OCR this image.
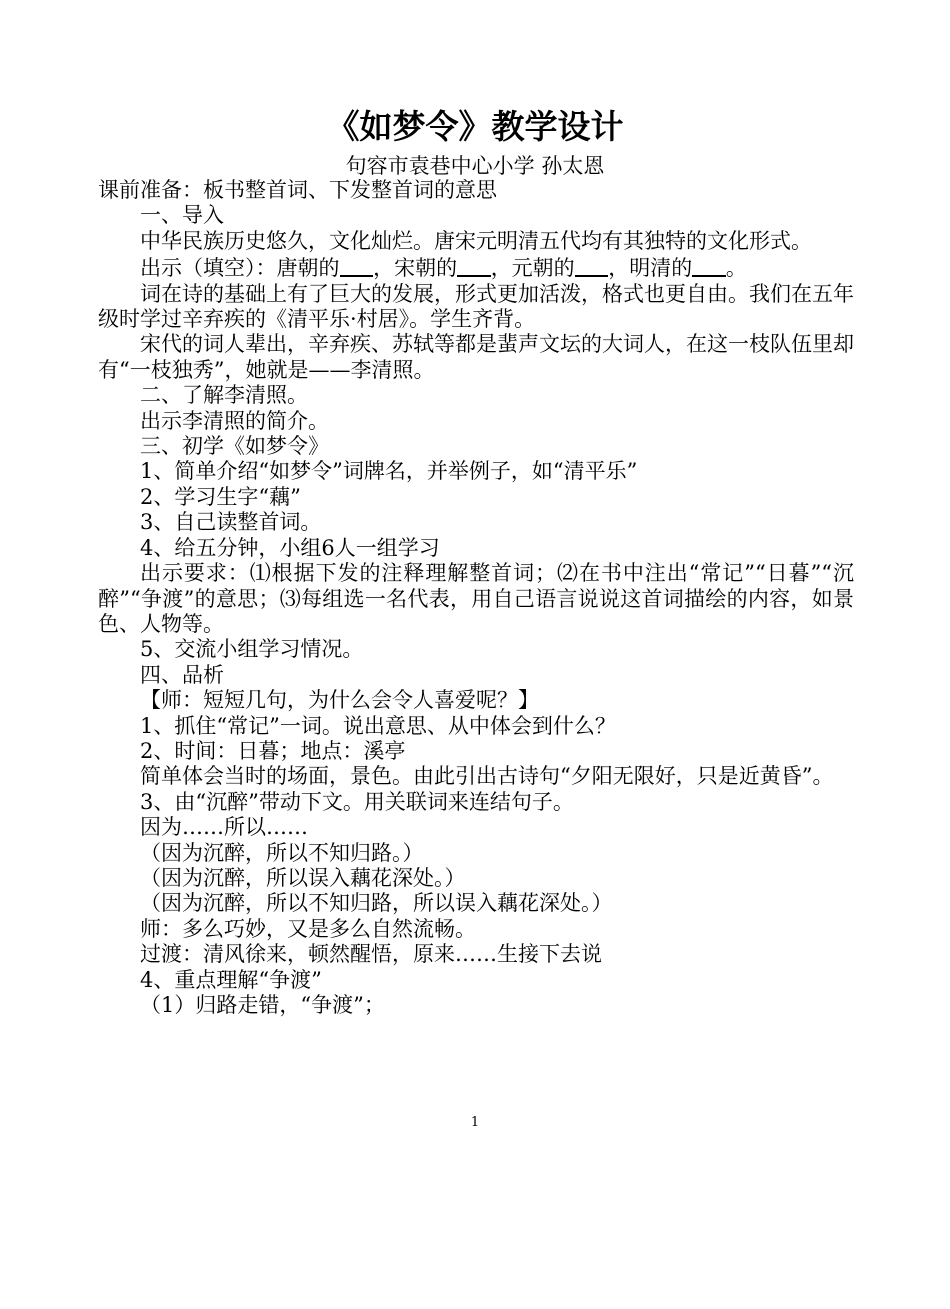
《如梦令》教学设计
句容市袁巷中心小学 孙太恩

课前准备：板书整首词、下发整首词的意思

一、导入

中华民族历史悠久，文化灿烂。唐宋元明清五代均有其独特的文化形式。

出示（填空）：唐朝的 ，宋朝的 ，元朝的 ，明清的 。

词在诗的基础上有了巨大的发展，形式更加活泼，格式也更自由。我们在五年级时学过辛弃疾的《清平乐·村居》。学生齐背。

宋代的词人辈出，辛弃疾、苏轼等都是蜚声文坛的大词人，在这一枝队伍里却有“一枝独秀”，她就是——李清照。

二、了解李清照。

出示李清照的简介。

三、初学《如梦令》

1、简单介绍“如梦令”词牌名，并举例子，如“清平乐”

2、学习生字“藕”

3、自己读整首词。

4、给五分钟，小组6人一组学习

出示要求：⑴根据下发的注释理解整首词；⑵在书中注出“常记”“日暮”“沉醉”“争渡”的意思；⑶每组选一名代表，用自己语言说说这首词描绘的内容，如景色、人物等。

5、交流小组学习情况。

四、品析

【师：短短几句，为什么会令人喜爱呢？】

1、抓住“常记”一词。说出意思、从中体会到什么？

2、时间：日暮；地点：溪亭

简单体会当时的场面，景色。由此引出古诗句“夕阳无限好，只是近黄昏”。

3、由“沉醉”带动下文。用关联词来连结句子。

因为……所以……

（因为沉醉，所以不知归路。）

（因为沉醉，所以误入藕花深处。）

（因为沉醉，所以不知归路，所以误入藕花深处。）

师：多么巧妙，又是多么自然流畅。

过渡：清风徐来，顿然醒悟，原来……生接下去说

4、重点理解“争渡”

（1）归路走错，“争渡”；

1
